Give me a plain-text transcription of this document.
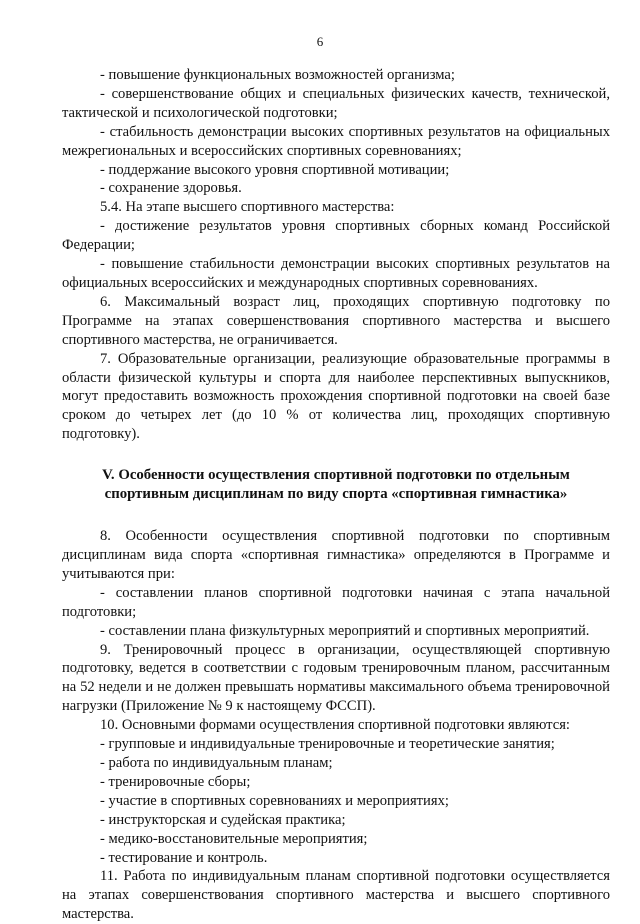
6

- повышение функциональных возможностей организма;

- совершенствование общих и специальных физических качеств, технической, тактической и психологической подготовки;

- стабильность демонстрации высоких спортивных результатов на официальных межрегиональных и всероссийских спортивных соревнованиях;

- поддержание высокого уровня спортивной мотивации;

- сохранение здоровья.

5.4. На этапе высшего спортивного мастерства:

- достижение результатов уровня спортивных сборных команд Российской Федерации;

- повышение стабильности демонстрации высоких спортивных результатов на официальных всероссийских и международных спортивных соревнованиях.

6. Максимальный возраст лиц, проходящих спортивную подготовку по Программе на этапах совершенствования спортивного мастерства и высшего спортивного мастерства, не ограничивается.

7. Образовательные организации, реализующие образовательные программы в области физической культуры и спорта для наиболее перспективных выпускников, могут предоставить возможность прохождения спортивной подготовки на своей базе сроком до четырех лет (до 10 % от количества лиц, проходящих спортивную подготовку).

V. Особенности осуществления спортивной подготовки по отдельным спортивным дисциплинам по виду спорта «спортивная гимнастика»

8. Особенности осуществления спортивной подготовки по спортивным дисциплинам вида спорта «спортивная гимнастика» определяются в Программе и учитываются при:

- составлении планов спортивной подготовки начиная с этапа начальной подготовки;

- составлении плана физкультурных мероприятий и спортивных мероприятий.

9. Тренировочный процесс в организации, осуществляющей спортивную подготовку, ведется в соответствии с годовым тренировочным планом, рассчитанным на 52 недели и не должен превышать нормативы максимального объема тренировочной нагрузки (Приложение № 9 к настоящему ФССП).

10. Основными формами осуществления спортивной подготовки являются:

- групповые и индивидуальные тренировочные и теоретические занятия;

- работа по индивидуальным планам;

- тренировочные сборы;

- участие в спортивных соревнованиях и мероприятиях;

- инструкторская и судейская практика;

- медико-восстановительные мероприятия;

- тестирование и контроль.

11. Работа по индивидуальным планам спортивной подготовки осуществляется на этапах совершенствования спортивного мастерства и высшего спортивного мастерства.
